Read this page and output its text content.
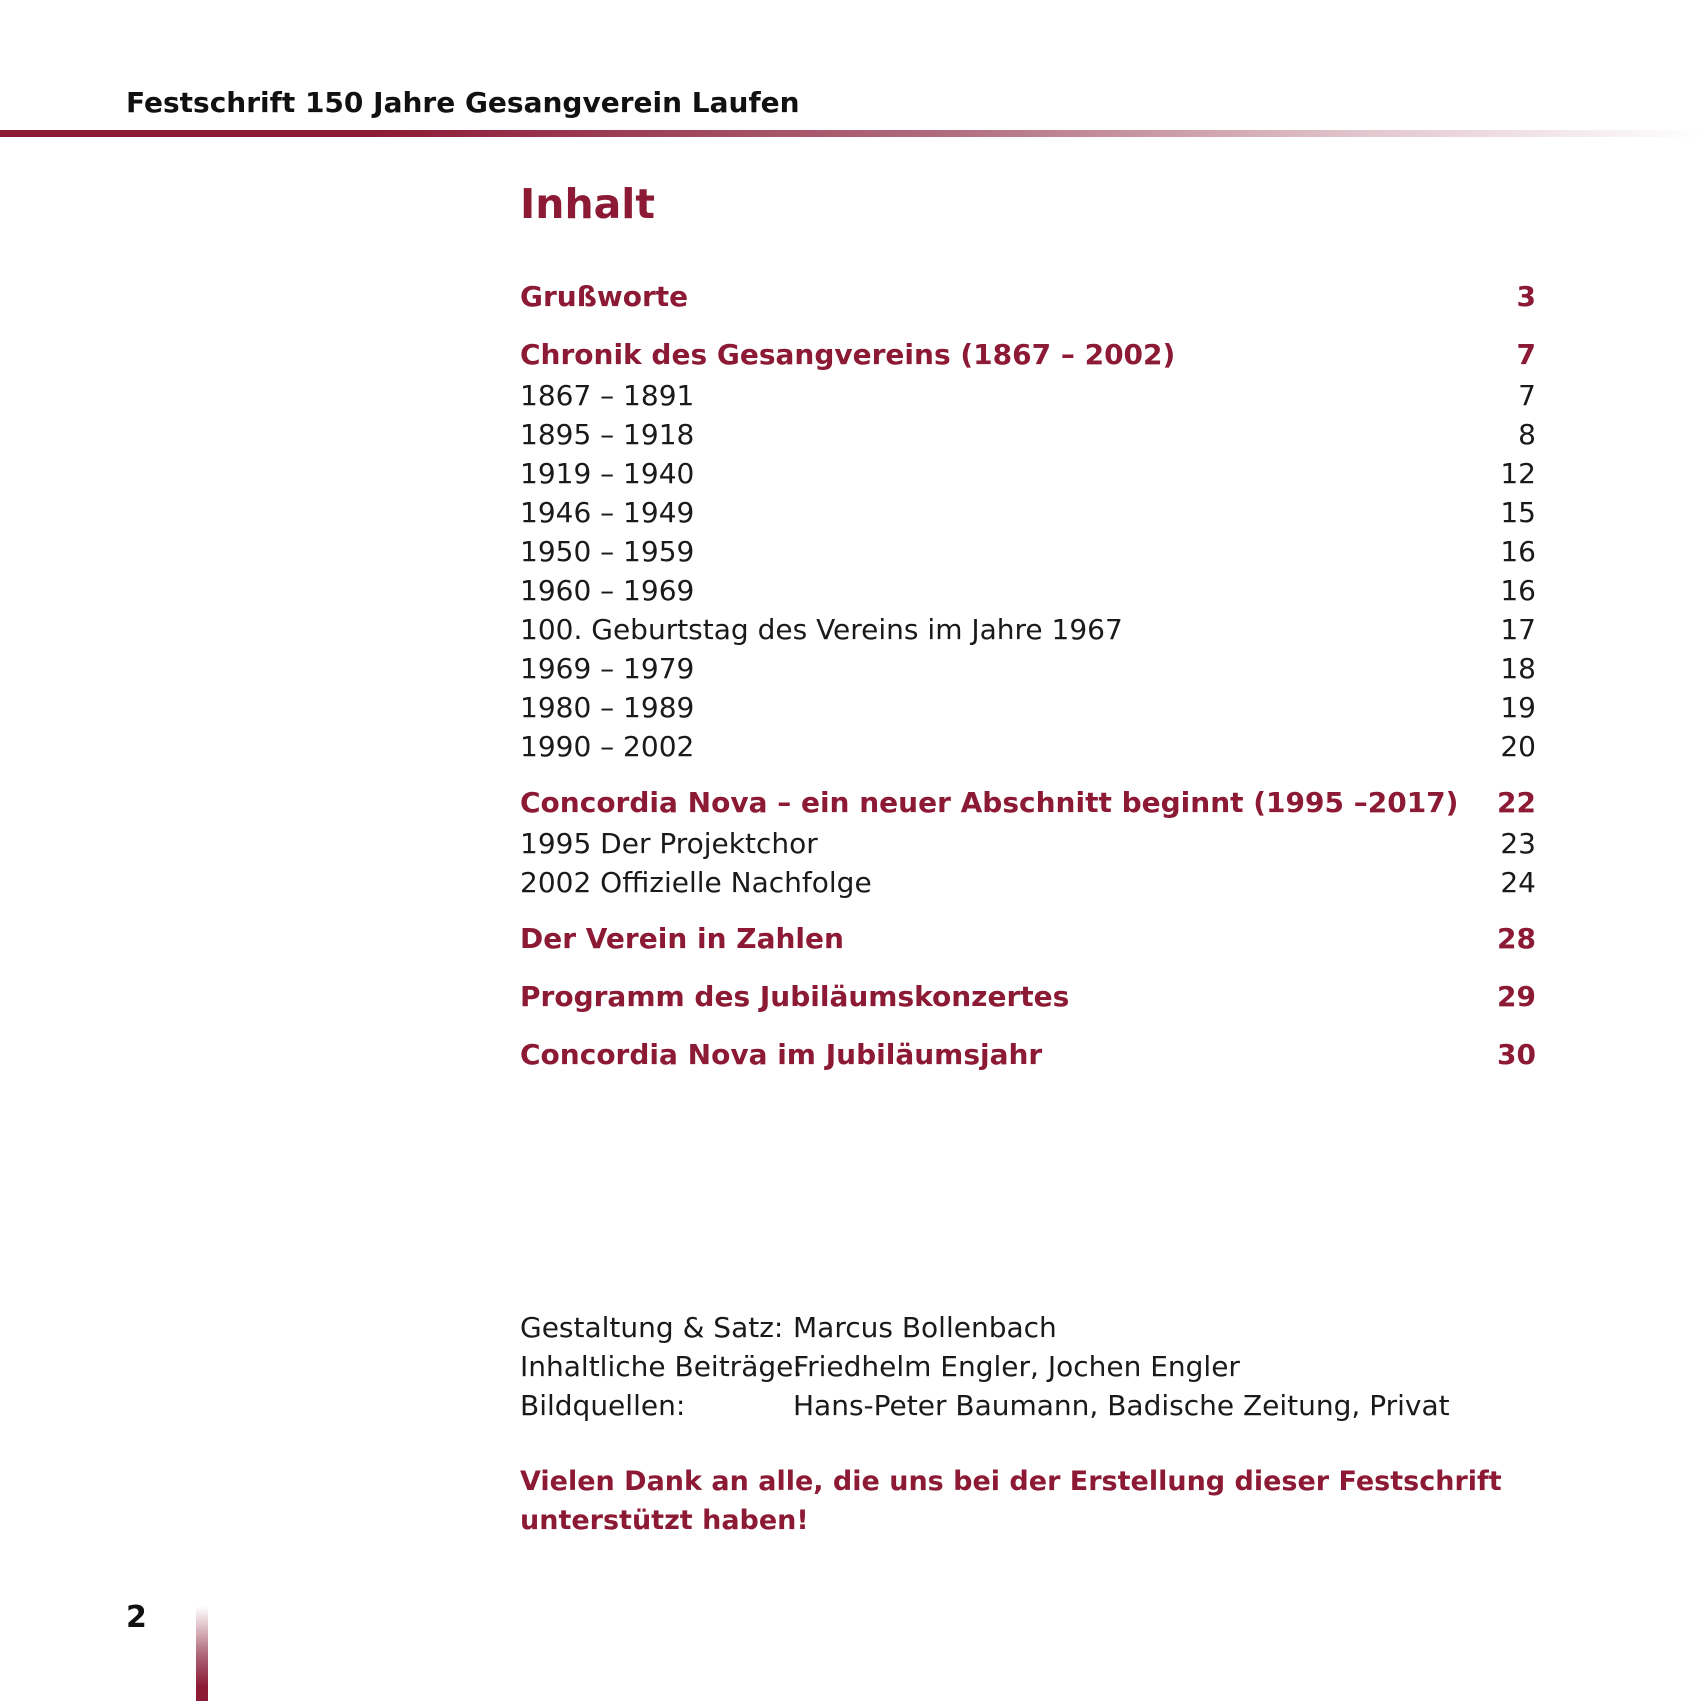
Festschrift 150 Jahre Gesangverein Laufen
Inhalt
Grußworte	3
Chronik des Gesangvereins (1867 – 2002)	7
1867 – 1891	7
1895 – 1918	8
1919 – 1940	12
1946 – 1949	15
1950 – 1959	16
1960 – 1969	16
100. Geburtstag des Vereins im Jahre 1967	17
1969 – 1979	18
1980 – 1989	19
1990 – 2002	20
Concordia Nova – ein neuer Abschnitt beginnt (1995 –2017)	22
1995 Der Projektchor	23
2002 Offizielle Nachfolge	24
Der Verein in Zahlen	28
Programm des Jubiläumskonzertes	29
Concordia Nova im Jubiläumsjahr	30
Gestaltung & Satz: Marcus Bollenbach
Inhaltliche Beiträge:
Friedhelm Engler, Jochen Engler
Bildquellen:	Hans-Peter Baumann, Badische Zeitung, Privat
Vielen Dank an alle, die uns bei der Erstellung dieser Festschrift unterstützt haben!
2
